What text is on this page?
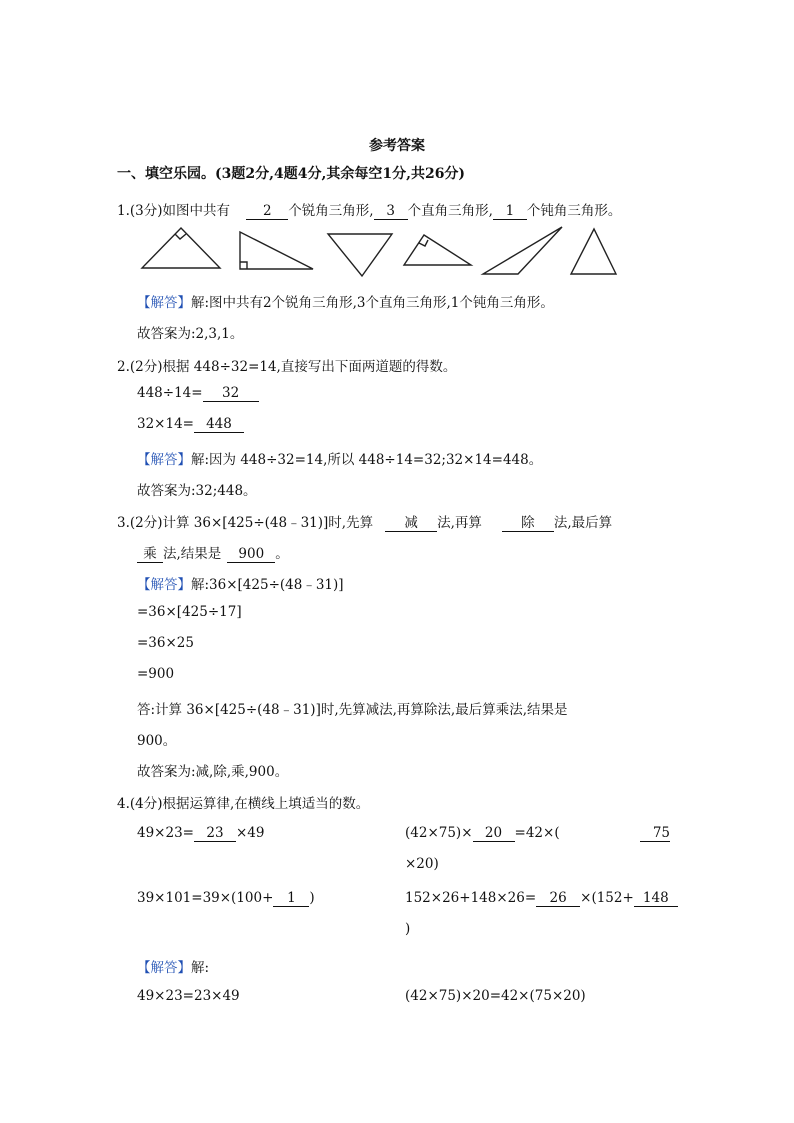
参考答案
一、填空乐园。(3题2分,4题4分,其余每空1分,共26分)
1.(3分)如图中共有 2 个锐角三角形, 3 个直角三角形, 1 个钝角三角形。
【解答】解:图中共有2个锐角三角形,3个直角三角形,1个钝角三角形。
故答案为:2,3,1。
2.(2分)根据 448÷32=14,直接写出下面两道题的得数。
448÷14= 32
32×14= 448
【解答】解:因为 448÷32=14,所以 448÷14=32;32×14=448。
故答案为:32;448。
3.(2分)计算 36×[425÷(48﹣31)]时,先算 减 法,再算	除 法,最后算
乘 法,结果是 900 。
【解答】解:36×[425÷(48﹣31)]
=36×[425÷17]
=36×25
=900
答:计算 36×[425÷(48﹣31)]时,先算减法,再算除法,最后算乘法,结果是
900。
故答案为:减,除,乘,900。
4.(4分)根据运算律,在横线上填适当的数。
49×23= 23 ×49	(42×75)× 20 =42×(	75
×20)
39×101=39×(100+ 1 )	152×26+148×26= 26 ×(152+ 148
)
【解答】解:
49×23=23×49	(42×75)×20=42×(75×20)
